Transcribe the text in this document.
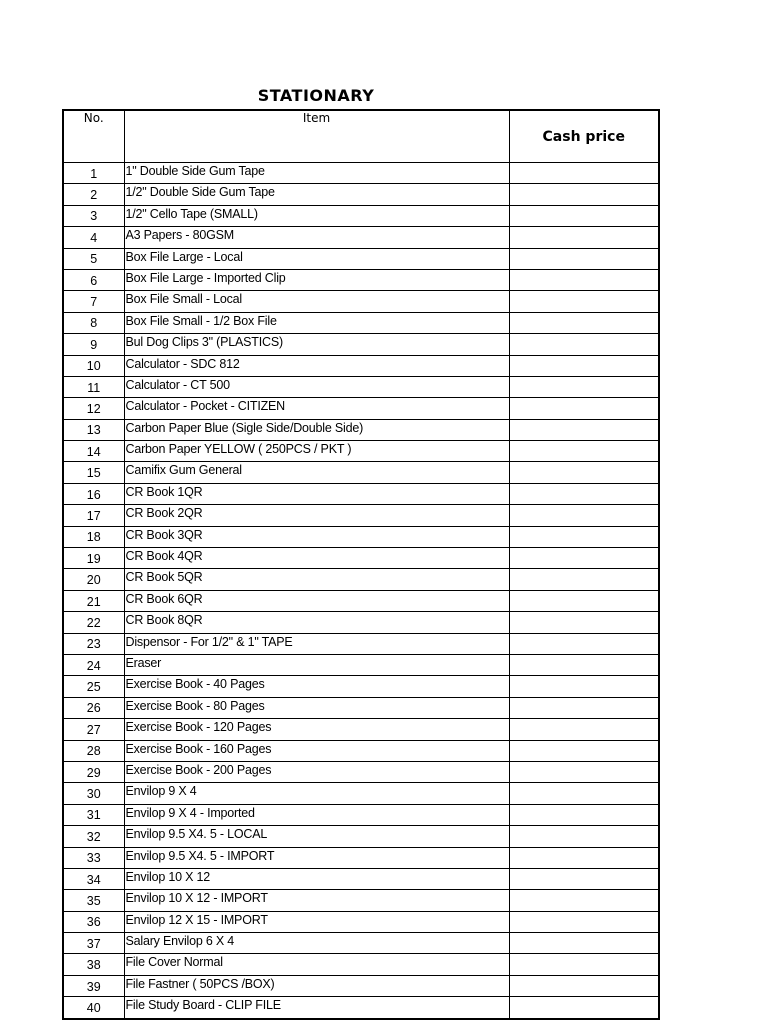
STATIONARY
No.	Item	Cash price
1	1" Double Side Gum Tape	
2	1/2" Double Side Gum Tape	
3	1/2" Cello Tape (SMALL)	
4	A3 Papers - 80GSM	
5	Box File Large - Local	
6	Box File Large - Imported Clip	
7	Box File Small - Local	
8	Box File Small - 1/2 Box File	
9	Bul Dog Clips 3" (PLASTICS)	
10	Calculator - SDC 812	
11	Calculator - CT 500	
12	Calculator - Pocket - CITIZEN	
13	Carbon Paper Blue (Sigle Side/Double Side)	
14	Carbon Paper YELLOW ( 250PCS / PKT )	
15	Camifix Gum General	
16	CR Book 1QR	
17	CR Book 2QR	
18	CR Book 3QR	
19	CR Book 4QR	
20	CR Book 5QR	
21	CR Book 6QR	
22	CR Book 8QR	
23	Dispensor - For 1/2" & 1" TAPE	
24	Eraser	
25	Exercise Book - 40 Pages	
26	Exercise Book - 80 Pages	
27	Exercise Book - 120 Pages	
28	Exercise Book - 160 Pages	
29	Exercise Book - 200 Pages	
30	Envilop 9 X 4	
31	Envilop 9 X 4 - Imported	
32	Envilop 9.5 X4. 5 - LOCAL	
33	Envilop 9.5 X4. 5 - IMPORT	
34	Envilop 10 X 12	
35	Envilop 10 X 12 - IMPORT	
36	Envilop 12 X 15 - IMPORT	
37	Salary Envilop 6 X 4	
38	File Cover Normal	
39	File Fastner ( 50PCS /BOX)	
40	File Study Board - CLIP FILE	
